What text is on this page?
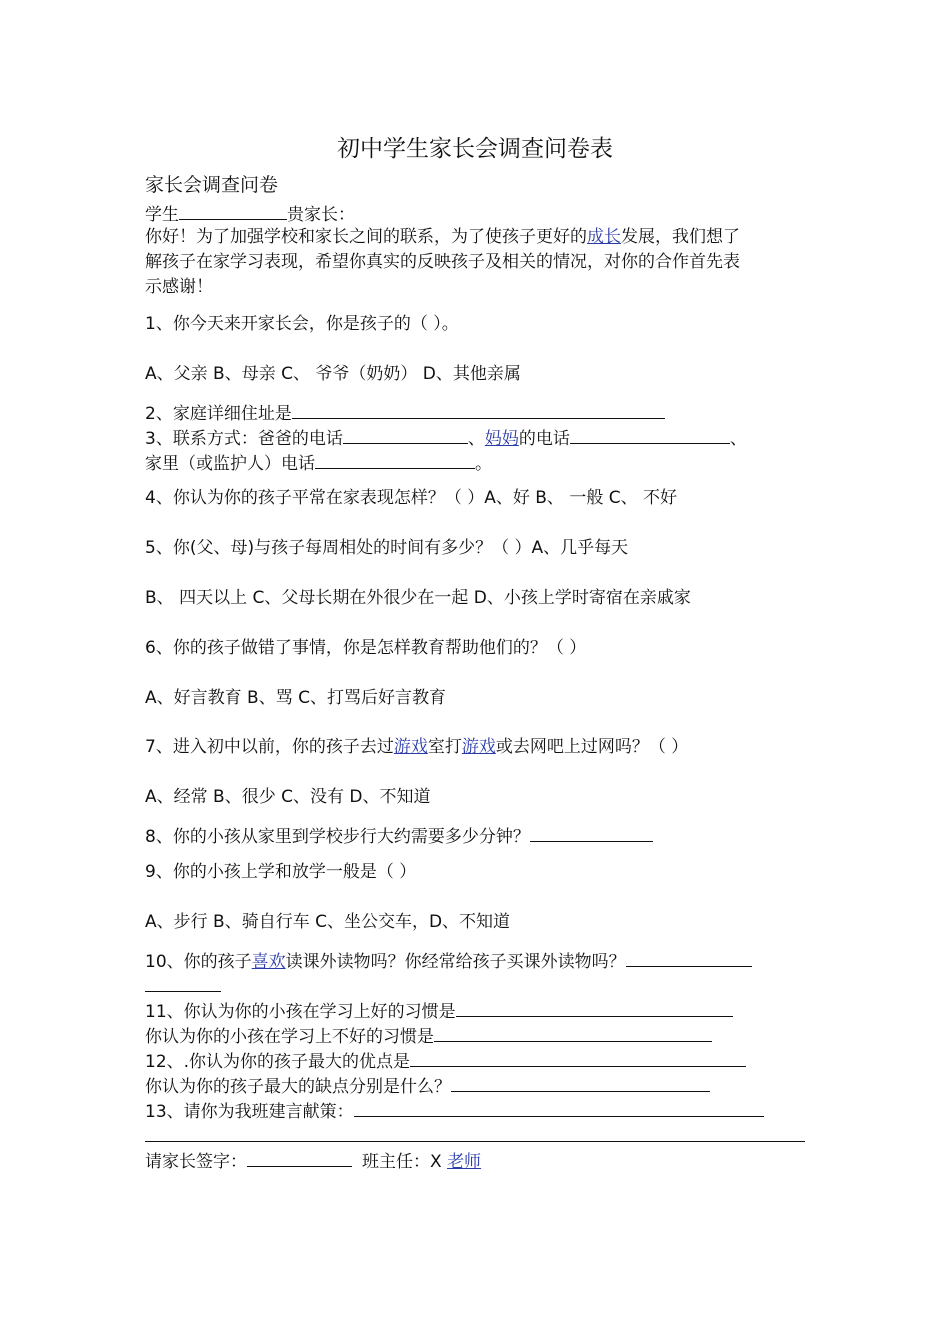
初中学生家长会调查问卷表
家长会调查问卷
学生	贵家长：
你好！为了加强学校和家长之间的联系，为了使孩子更好的成长发展，我们想了
解孩子在家学习表现，希望你真实的反映孩子及相关的情况，对你的合作首先表
示感谢！
1、你今天来开家长会，你是孩子的（ ）。
A、父亲 B、母亲 C、 爷爷（奶奶） D、其他亲属
2、家庭详细住址是
3、联系方式：爸爸的电话	、妈妈的电话	、
家里（或监护人）电话	。
4、你认为你的孩子平常在家表现怎样？（ ）A、好 B、 一般 C、 不好
5、你(父、母)与孩子每周相处的时间有多少？（ ）A、几乎每天
B、 四天以上 C、父母长期在外很少在一起 D、小孩上学时寄宿在亲戚家
6、你的孩子做错了事情，你是怎样教育帮助他们的？（ ）
A、好言教育 B、骂 C、打骂后好言教育
7、进入初中以前，你的孩子去过游戏室打游戏或去网吧上过网吗？（ ）
A、经常 B、很少 C、没有 D、不知道
8、你的小孩从家里到学校步行大约需要多少分钟？
9、你的小孩上学和放学一般是（ ）
A、步行 B、骑自行车 C、坐公交车，D、不知道
10、你的孩子喜欢读课外读物吗？你经常给孩子买课外读物吗？
11、你认为你的小孩在学习上好的习惯是
你认为你的小孩在学习上不好的习惯是
12、.你认为你的孩子最大的优点是
你认为你的孩子最大的缺点分别是什么？
13、请你为我班建言献策：
请家长签字：	班主任：X 老师
